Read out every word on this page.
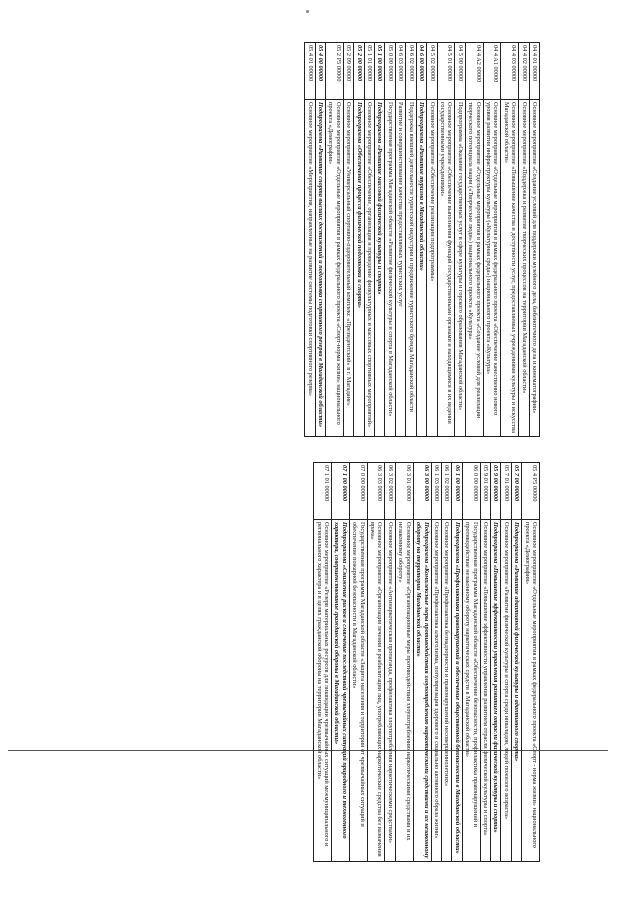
04 4 01 00000	Основное мероприятие «Создание условий для поддержки музейного дела, библиотечного дела и кинематографии»
04 4 02 00000	Основное мероприятие «Поддержка и развитие творческих процессов на территории Магаданской области»
04 4 03 00000	Основное мероприятие «Повышение качества и доступности услуг, предоставляемых учреждениями культуры и искусства Магаданской области»
04 4 A1 00000	Основное мероприятие «Отдельные мероприятия в рамках федерального проекта «Обеспечение качественно нового уровня развития инфраструктуры культуры («Культурная среда») национального проекта «Культура»
04 4 A2 00000	Основное мероприятие «Отдельные мероприятия в рамках федерального проекта «Создание условий для реализации творческого потенциала нации («Творческие люди») национального проекта «Культура»
04 5 00 00000	Подпрограмма «Оказание государственных услуг в сфере культуры и горского образования Магаданской области»
04 5 01 00000	Основное мероприятие «Обеспечение выполнения функций государственными органами и находящимися в их ведении государственными учреждениями»
04 5 02 00000	Основное мероприятие «Обеспечение реализации подпрограммы»
04 6 00 00000	Подпрограмма «Развитие туризма в Магаданской области»
04 6 02 00000	Поддержка внешней деятельности туристской индустрии и продвижение туристского бренда Магаданской области
04 6 03 00000	Развитие и совершенствование качества предоставляемых туристских услуг
05 0 00 00000	Государственная программа Магаданской области «Развитие физической культуры и спорта в Магаданской области»
05 1 00 00000	Подпрограмма «Развитие массовой физической культуры и спорта»
05 1 01 00000	Основное мероприятие «Обеспечение, организация и проведение физкультурных и массовых спортивных мероприятий»
05 2 00 00000	Подпрограмма «Обеспечение процесса физической подготовки и спорта»
05 2 09 00000	Основное мероприятие «Универсальный спортивно-оздоровительный комплекс «Президентский» в г. Магадане»
05 2 P5 00000	Основное мероприятие «Отдельные мероприятия в рамках федерального проекта «Спорт-норма жизни» национального проекта «Демография»
05 4 00 00000	Подпрограмма «Развитие спорта высших достижений и подготовка спортивного резерва в Магаданской области»
05 4 01 00000	Основное мероприятие «Мероприятия, направленные на развитие системы подготовки спортивного резерва»
05 4 P5 00000	Основное мероприятие «Отдельные мероприятия в рамках федерального проекта «Спорт - норма жизни» национального проекта «Демография»
05 7 00 00000	Подпрограмма «Развитие адаптивной физической культуры и адаптивного спорта»
05 7 01 00000	Основное мероприятие «Развитие физической культуры и спорта среди инвалидов, людей пожилого возраста»
05 9 00 00000	Подпрограмма «Повышение эффективности управления развитием отрасли физической культуры и спорта»
05 9 01 00000	Основное мероприятие «Повышение эффективности управления развитием отрасли физической культуры и спорта»
06 0 00 00000	Государственная программа Магаданской области «Обеспечение безопасности, профилактика правонарушений и противодействие незаконному обороту наркотических средств в Магаданской области»
06 1 00 00000	Подпрограмма «Профилактика правонарушений и обеспечение общественной безопасности в Магаданской области»
06 1 02 00000	Основное мероприятие «Профилактика безнадзорности и правонарушений несовершеннолетних»
06 1 03 00000	Основное мероприятие «Профилактика алкоголизма, популяризация здорового и социально активного образа жизни»
06 3 00 00000	Подпрограмма «Комплексные меры противодействия злоупотреблению наркотическими средствами и их незаконному обороту на территории Магаданской области»
06 3 01 00000	Основное мероприятие «Организационные меры противодействия злоупотреблению наркотическими средствами и их незаконному обороту»
06 3 02 00000	Основное мероприятие «Антинаркотическая пропаганда, профилактика злоупотребления наркотическими средствами»
06 3 03 00000	Основное мероприятие «Организация лечения и реабилитации лиц, употребляющих наркотические средства без назначения врача»
07 0 00 00000	Государственная программа Магаданской области «Защита населения и территории от чрезвычайных ситуаций и обеспечение пожарной безопасности в Магаданской области»
07 1 00 00000	Подпрограмма «Снижение рисков и смягчение последствий чрезвычайных ситуаций природного и техногенного характера, совершенствование гражданской обороны в Магаданской области»
07 1 01 00000	Основное мероприятие «Резерв материальных ресурсов для ликвидации чрезвычайных ситуаций межмуниципального и регионального характера и в целях гражданской обороны на территории Магаданской области»
